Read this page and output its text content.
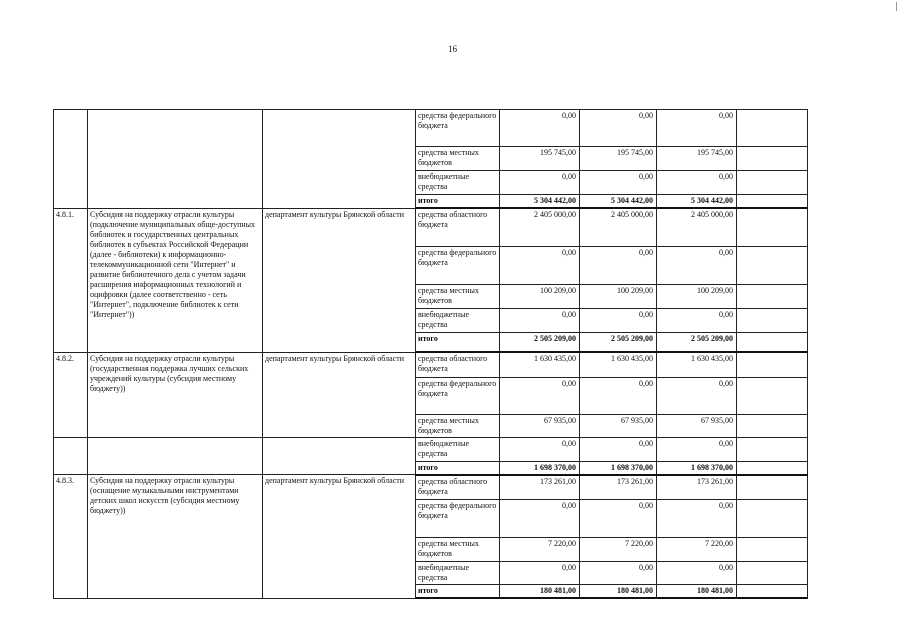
16
			средства федерального бюджета	0,00	0,00	0,00	
			средства местных бюджетов	195 745,00	195 745,00	195 745,00	
			внебюджетные средства	0,00	0,00	0,00	
			итого	5 304 442,00	5 304 442,00	5 304 442,00	
4.8.1.	Субсидия на поддержку отрасли культуры (подключение муниципальных обще-доступных библиотек и государственных центральных библиотек в субъектах Российской Федерации (далее - библиотеки) к информационно-телекоммуникационной сети "Интернет" и развитие библиотечного дела с учетом задачи расширения информационных технологий и оцифровки (далее соответственно - сеть "Интернет", подключение библиотек к сети "Интернет"))	департамент культуры Брянской области	средства областного бюджета	2 405 000,00	2 405 000,00	2 405 000,00	
			средства федерального бюджета	0,00	0,00	0,00	
			средства местных бюджетов	100 209,00	100 209,00	100 209,00	
			внебюджетные средства	0,00	0,00	0,00	
			итого	2 505 209,00	2 505 209,00	2 505 209,00	
4.8.2.	Субсидия на поддержку отрасли культуры (государственная поддержка лучших сельских учреждений культуры (субсидия местному бюджету))	департамент культуры Брянской области	средства областного бюджета	1 630 435,00	1 630 435,00	1 630 435,00	
			средства федерального бюджета	0,00	0,00	0,00	
			средства местных бюджетов	67 935,00	67 935,00	67 935,00	
			внебюджетные средства	0,00	0,00	0,00	
			итого	1 698 370,00	1 698 370,00	1 698 370,00	
4.8.3.	Субсидия на поддержку отрасли культуры (оснащение музыкальными инструментами детских школ искусств (субсидия местному бюджету))	департамент культуры Брянской области	средства областного бюджета	173 261,00	173 261,00	173 261,00	
			средства федерального бюджета	0,00	0,00	0,00	
			средства местных бюджетов	7 220,00	7 220,00	7 220,00	
			внебюджетные средства	0,00	0,00	0,00	
			итого	180 481,00	180 481,00	180 481,00	
